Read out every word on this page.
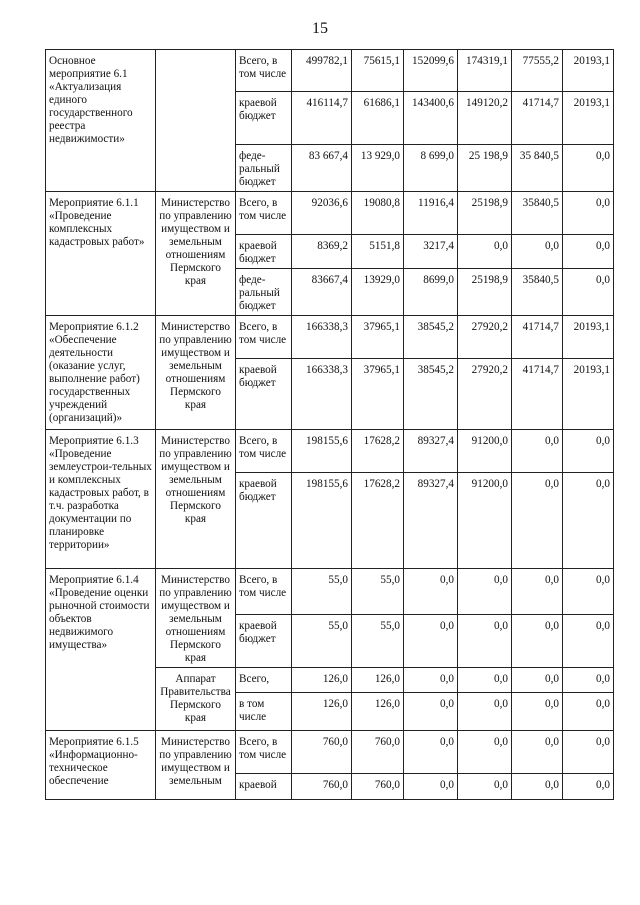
15
Основное мероприятие 6.1 «Актуализация единого государственного реестра недвижимости»		Всего, в том числе	499782,1	75615,1	152099,6	174319,1	77555,2	20193,1
		краевой бюджет	416114,7	61686,1	143400,6	149120,2	41714,7	20193,1
		феде-ральный бюджет	83 667,4	13 929,0	8 699,0	25 198,9	35 840,5	0,0
Мероприятие 6.1.1 «Проведение комплексных кадастровых работ»	Министерство по управлению имуществом и земельным отношениям Пермского края	Всего, в том числе	92036,6	19080,8	11916,4	25198,9	35840,5	0,0
		краевой бюджет	8369,2	5151,8	3217,4	0,0	0,0	0,0
		феде-ральный бюджет	83667,4	13929,0	8699,0	25198,9	35840,5	0,0
Мероприятие 6.1.2 «Обеспечение деятельности (оказание услуг, выполнение работ) государственных учреждений (организаций)»	Министерство по управлению имуществом и земельным отношениям Пермского края	Всего, в том числе	166338,3	37965,1	38545,2	27920,2	41714,7	20193,1
		краевой бюджет	166338,3	37965,1	38545,2	27920,2	41714,7	20193,1
Мероприятие 6.1.3 «Проведение землеустрои-тельных и комплексных кадастровых работ, в т.ч. разработка документации по планировке территории»	Министерство по управлению имуществом и земельным отношениям Пермского края	Всего, в том числе	198155,6	17628,2	89327,4	91200,0	0,0	0,0
		краевой бюджет	198155,6	17628,2	89327,4	91200,0	0,0	0,0
Мероприятие 6.1.4 «Проведение оценки рыночной стоимости объектов недвижимого имущества»	Министерство по управлению имуществом и земельным отношениям Пермского края	Всего, в том числе	55,0	55,0	0,0	0,0	0,0	0,0
		краевой бюджет	55,0	55,0	0,0	0,0	0,0	0,0
	Аппарат Правительства Пермского края	Всего,	126,0	126,0	0,0	0,0	0,0	0,0
		в том числе	126,0	126,0	0,0	0,0	0,0	0,0
Мероприятие 6.1.5 «Информационно-техническое обеспечение	Министерство по управлению имуществом и земельным	Всего, в том числе	760,0	760,0	0,0	0,0	0,0	0,0
		краевой	760,0	760,0	0,0	0,0	0,0	0,0
